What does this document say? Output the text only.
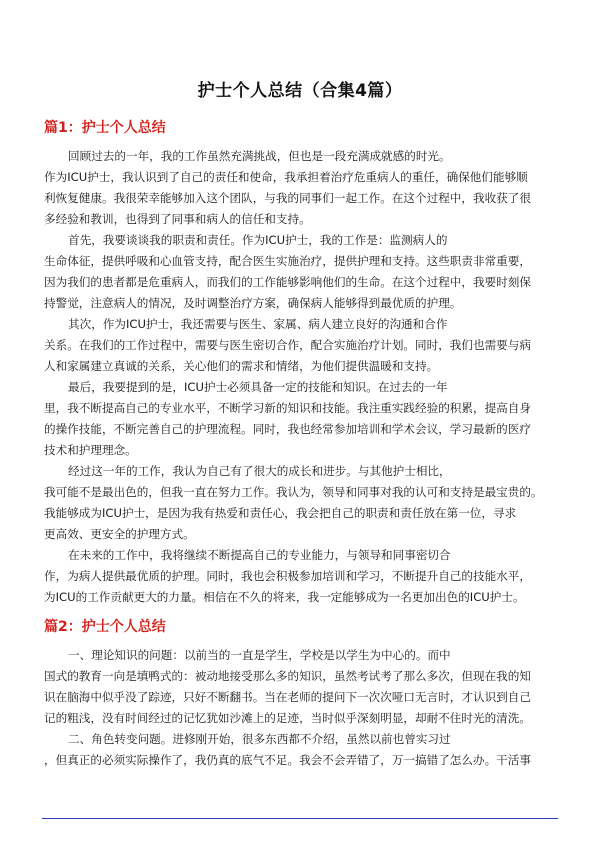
护士个人总结（合集4篇）
篇1：护士个人总结
回顾过去的一年，我的工作虽然充满挑战，但也是一段充满成就感的时光。
作为ICU护士，我认识到了自己的责任和使命，我承担着治疗危重病人的重任，确保他们能够顺
利恢复健康。我很荣幸能够加入这个团队，与我的同事们一起工作。在这个过程中，我收获了很
多经验和教训，也得到了同事和病人的信任和支持。
首先，我要谈谈我的职责和责任。作为ICU护士，我的工作是：监测病人的
生命体征，提供呼吸和心血管支持，配合医生实施治疗，提供护理和支持。这些职责非常重要，
因为我们的患者都是危重病人，而我们的工作能够影响他们的生命。在这个过程中，我要时刻保
持警觉，注意病人的情况，及时调整治疗方案，确保病人能够得到最优质的护理。
其次，作为ICU护士，我还需要与医生、家属、病人建立良好的沟通和合作
关系。在我们的工作过程中，需要与医生密切合作，配合实施治疗计划。同时，我们也需要与病
人和家属建立真诚的关系，关心他们的需求和情绪，为他们提供温暖和支持。
最后，我要提到的是，ICU护士必须具备一定的技能和知识。在过去的一年
里，我不断提高自己的专业水平，不断学习新的知识和技能。我注重实践经验的积累，提高自身
的操作技能，不断完善自己的护理流程。同时，我也经常参加培训和学术会议，学习最新的医疗
技术和护理理念。
经过这一年的工作，我认为自己有了很大的成长和进步。与其他护士相比，
我可能不是最出色的，但我一直在努力工作。我认为，领导和同事对我的认可和支持是最宝贵的。
我能够成为ICU护士，是因为我有热爱和责任心，我会把自己的职责和责任放在第一位，寻求
更高效、更安全的护理方式。
在未来的工作中，我将继续不断提高自己的专业能力，与领导和同事密切合
作，为病人提供最优质的护理。同时，我也会积极参加培训和学习，不断提升自己的技能水平，
为ICU的工作贡献更大的力量。相信在不久的将来，我一定能够成为一名更加出色的ICU护士。
篇2：护士个人总结
一、理论知识的问题：以前当的一直是学生，学校是以学生为中心的。而中
国式的教育一向是填鸭式的：被动地接受那么多的知识，虽然考试考了那么多次，但现在我的知
识在脑海中似乎没了踪迹，只好不断翻书。当在老师的提问下一次次哑口无言时，才认识到自己
记的粗浅，没有时间经过的记忆犹如沙滩上的足迹，当时似乎深刻明显，却耐不住时光的清洗。
二、角色转变问题。进修刚开始，很多东西都不介绍，虽然以前也曾实习过
，但真正的必须实际操作了，我仍真的底气不足。我会不会弄错了，万一搞错了怎么办。干活事
